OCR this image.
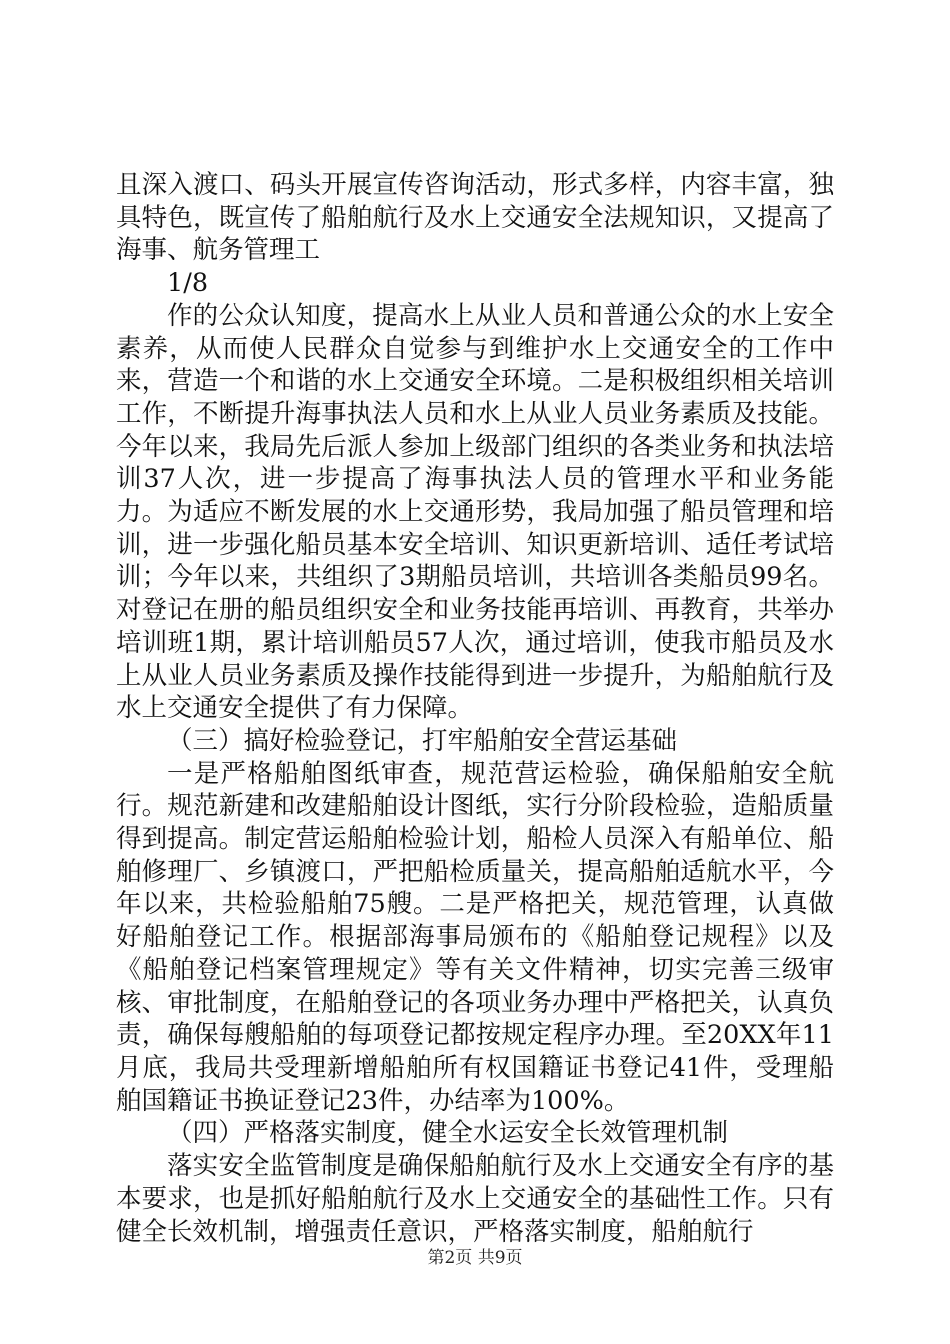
且深入渡口、码头开展宣传咨询活动，形式多样，内容丰富，独具特色，既宣传了船舶航行及水上交通安全法规知识，又提高了海事、航务管理工

1/8

作的公众认知度，提高水上从业人员和普通公众的水上安全素养，从而使人民群众自觉参与到维护水上交通安全的工作中来，营造一个和谐的水上交通安全环境。二是积极组织相关培训工作，不断提升海事执法人员和水上从业人员业务素质及技能。今年以来，我局先后派人参加上级部门组织的各类业务和执法培训37人次，进一步提高了海事执法人员的管理水平和业务能力。为适应不断发展的水上交通形势，我局加强了船员管理和培训，进一步强化船员基本安全培训、知识更新培训、适任考试培训；今年以来，共组织了3期船员培训，共培训各类船员99名。对登记在册的船员组织安全和业务技能再培训、再教育，共举办培训班1期，累计培训船员57人次，通过培训，使我市船员及水上从业人员业务素质及操作技能得到进一步提升，为船舶航行及水上交通安全提供了有力保障。

（三）搞好检验登记，打牢船舶安全营运基础

一是严格船舶图纸审查，规范营运检验，确保船舶安全航行。规范新建和改建船舶设计图纸，实行分阶段检验，造船质量得到提高。制定营运船舶检验计划，船检人员深入有船单位、船舶修理厂、乡镇渡口，严把船检质量关，提高船舶适航水平，今年以来，共检验船舶75艘。二是严格把关，规范管理，认真做好船舶登记工作。根据部海事局颁布的《船舶登记规程》以及《船舶登记档案管理规定》等有关文件精神，切实完善三级审核、审批制度，在船舶登记的各项业务办理中严格把关，认真负责，确保每艘船舶的每项登记都按规定程序办理。至20XX年11月底，我局共受理新增船舶所有权国籍证书登记41件，受理船舶国籍证书换证登记23件，办结率为100%。

（四）严格落实制度，健全水运安全长效管理机制

落实安全监管制度是确保船舶航行及水上交通安全有序的基本要求，也是抓好船舶航行及水上交通安全的基础性工作。只有健全长效机制，增强责任意识，严格落实制度，船舶航行

第2页 共9页
